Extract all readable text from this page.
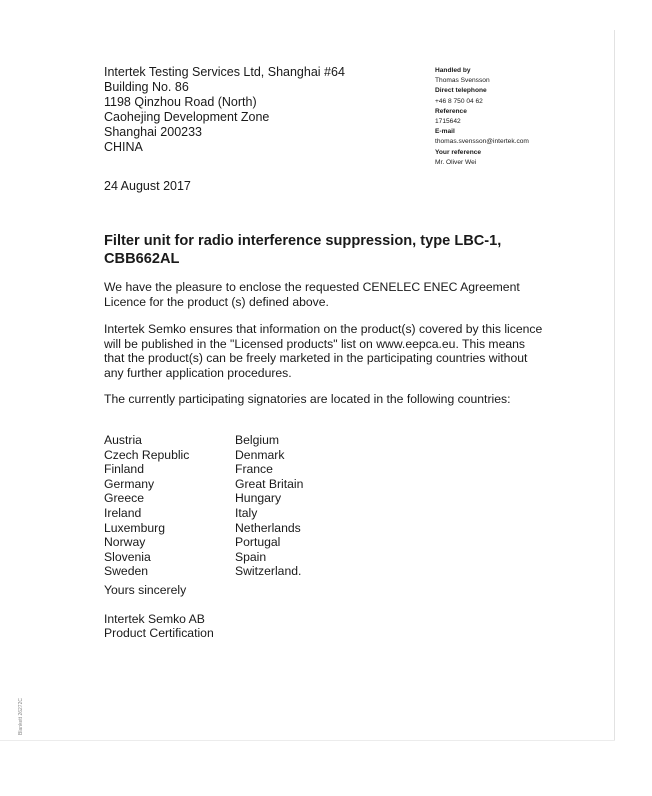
Intertek Testing Services Ltd, Shanghai #64
Building No. 86
1198 Qinzhou Road (North)
Caohejing Development Zone
Shanghai 200233
CHINA
Handled by
Thomas Svensson
Direct telephone
+46 8 750 04 62
Reference
1715642
E-mail
thomas.svensson@intertek.com
Your reference
Mr. Oliver Wei
24 August 2017
Filter unit for radio interference suppression, type LBC-1, CBB662AL
We have the pleasure to enclose the requested CENELEC ENEC Agreement Licence for the product (s) defined above.
Intertek Semko ensures that information on the product(s) covered by this licence will be published in the "Licensed products" list on www.eepca.eu. This means that the product(s) can be freely marketed in the participating countries without any further application procedures.
The currently participating signatories are located in the following countries:
Austria	Belgium
Czech Republic	Denmark
Finland	France
Germany	Great Britain
Greece	Hungary
Ireland	Italy
Luxemburg	Netherlands
Norway	Portugal
Slovenia	Spain
Sweden	Switzerland.
Yours sincerely
Intertek Semko AB
Product Certification
Blankett 26272C
